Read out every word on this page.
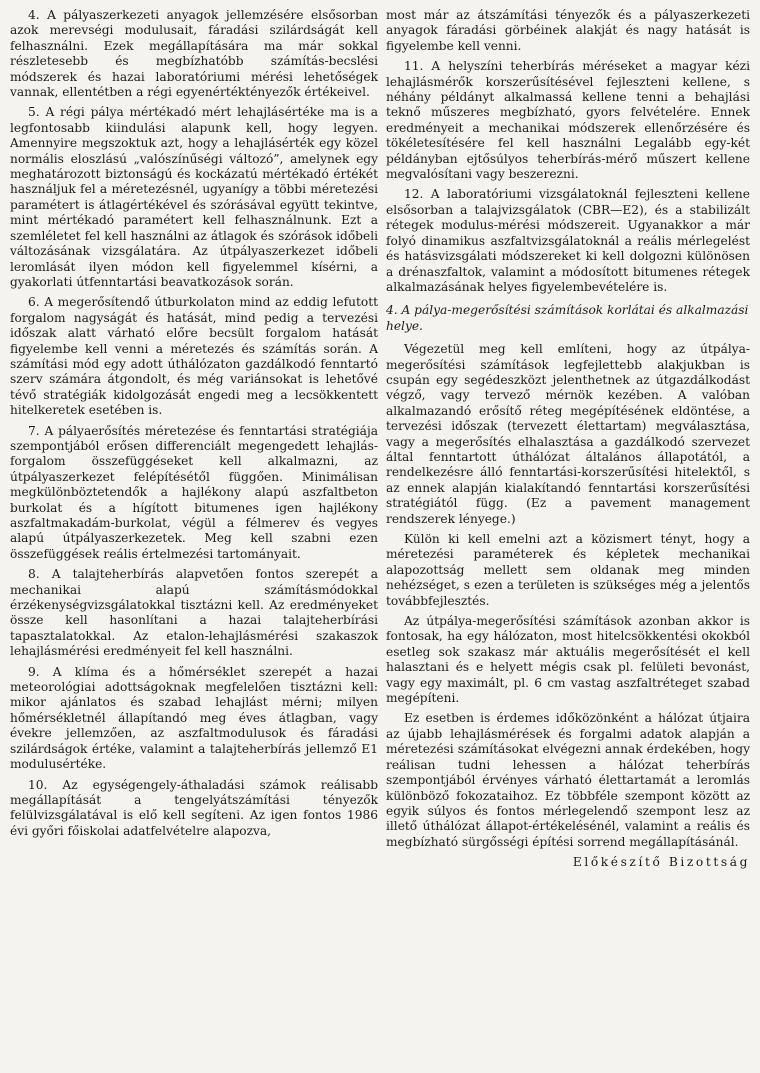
4. A pályaszerkezeti anyagok jellemzésére elsősorban azok merevségi modulusait, fáradási szilárdságát kell felhasználni. Ezek megállapítására ma már sokkal részletesebb és megbízhatóbb számítás-becslési módszerek és hazai laboratóriumi mérési lehetőségek vannak, ellentétben a régi egyenértéktényezők értékeivel.

5. A régi pálya mértékadó mért lehajlásértéke ma is a legfontosabb kiindulási alapunk kell, hogy legyen. Amennyire megszoktuk azt, hogy a lehajlásérték egy közel normális eloszlású „valószínűségi változó”, amelynek egy meghatározott biztonságú és kockázatú mértékadó értékét használjuk fel a méretezésnél, ugyanígy a többi méretezési paramétert is átlagértékével és szórásával együtt tekintve, mint mértékadó paramétert kell felhasználnunk. Ezt a szemléletet fel kell használni az átlagok és szórások időbeli változásának vizsgálatára. Az útpályaszerkezet időbeli leromlását ilyen módon kell figyelemmel kísérni, a gyakorlati útfenntartási beavatkozások során.

6. A megerősítendő útburkolaton mind az eddig lefutott forgalom nagyságát és hatását, mind pedig a tervezési időszak alatt várható előre becsült forgalom hatását figyelembe kell venni a méretezés és számítás során. A számítási mód egy adott úthálózaton gazdálkodó fenntartó szerv számára átgondolt, és még variánsokat is lehetővé tévő stratégiák kidolgozását engedi meg a lecsökkentett hitelkeretek esetében is.

7. A pályaerősítés méretezése és fenntartási stratégiája szempontjából erősen differenciált megengedett lehajlás-forgalom összefüggéseket kell alkalmazni, az útpályaszerkezet felépítésétől függően. Minimálisan megkülönböztetendők a hajlékony alapú aszfaltbeton burkolat és a hígított bitumenes igen hajlékony aszfaltmakadám-burkolat, végül a félmerev és vegyes alapú útpályaszerkezetek. Meg kell szabni ezen összefüggések reális értelmezési tartományait.

8. A talajteherbírás alapvetően fontos szerepét a mechanikai alapú számításmódokkal érzékenységvizsgálatokkal tisztázni kell. Az eredményeket össze kell hasonlítani a hazai talajteherbírási tapasztalatokkal. Az etalon-lehajlásmérési szakaszok lehajlásmérési eredményeit fel kell használni.

9. A klíma és a hőmérséklet szerepét a hazai meteorológiai adottságoknak megfelelően tisztázni kell: mikor ajánlatos és szabad lehajlást mérni; milyen hőmérsékletnél állapítandó meg éves átlagban, vagy évekre jellemzően, az aszfaltmodulusok és fáradási szilárdságok értéke, valamint a talajteherbírás jellemző E1 modulusértéke.

10. Az egységengely-áthaladási számok reálisabb megállapítását a tengelyátszámítási tényezők felülvizsgálatával is elő kell segíteni. Az igen fontos 1986 évi győri főiskolai adatfelvételre alapozva,

most már az átszámítási tényezők és a pályaszerkezeti anyagok fáradási görbéinek alakját és nagy hatását is figyelembe kell venni.

11. A helyszíni teherbírás méréseket a magyar kézi lehajlásmérők korszerűsítésével fejleszteni kellene, s néhány példányt alkalmassá kellene tenni a behajlási teknő műszeres megbízható, gyors felvételére. Ennek eredményeit a mechanikai módszerek ellenőrzésére és tökéletesítésére fel kell használni Legalább egy-két példányban ejtősúlyos teherbírás-mérő műszert kellene megvalósítani vagy beszerezni.

12. A laboratóriumi vizsgálatoknál fejleszteni kellene elsősorban a talajvizsgálatok (CBR—E2), és a stabilizált rétegek modulus-mérési módszereit. Ugyanakkor a már folyó dinamikus aszfaltvizsgálatoknál a reális mérlegelést és hatásvizsgálati módszereket ki kell dolgozni különösen a drénaszfaltok, valamint a módosított bitumenes rétegek alkalmazásának helyes figyelembevételére is.

4. A pálya-megerősítési számítások korlátai és alkalmazási helye.

Végezetül meg kell említeni, hogy az útpálya-megerősítési számítások legfejlettebb alakjukban is csupán egy segédeszközt jelenthetnek az útgazdálkodást végző, vagy tervező mérnök kezében. A valóban alkalmazandó erősítő réteg megépítésének eldöntése, a tervezési időszak (tervezett élettartam) megválasztása, vagy a megerősítés elhalasztása a gazdálkodó szervezet által fenntartott úthálózat általános állapotától, a rendelkezésre álló fenntartási-korszerűsítési hitelektől, s az ennek alapján kialakítandó fenntartási korszerűsítési stratégiától függ. (Ez a pavement management rendszerek lényege.)

Külön ki kell emelni azt a közismert tényt, hogy a méretezési paraméterek és képletek mechanikai alapozottság mellett sem oldanak meg minden nehézséget, s ezen a területen is szükséges még a jelentős továbbfejlesztés.

Az útpálya-megerősítési számítások azonban akkor is fontosak, ha egy hálózaton, most hitelcsökkentési okokból esetleg sok szakasz már aktuális megerősítését el kell halasztani és e helyett mégis csak pl. felületi bevonást, vagy egy maximált, pl. 6 cm vastag aszfaltréteget szabad megépíteni.

Ez esetben is érdemes időközönként a hálózat útjaira az újabb lehajlásmérések és forgalmi adatok alapján a méretezési számításokat elvégezni annak érdekében, hogy reálisan tudni lehessen a hálózat teherbírás szempontjából érvényes várható élettartamát a leromlás különböző fokozataihoz. Ez többféle szempont között az egyik súlyos és fontos mérlegelendő szempont lesz az illető úthálózat állapot-értékelésénél, valamint a reális és megbízható sürgősségi építési sorrend megállapításánál.

Előkészítő Bizottság
